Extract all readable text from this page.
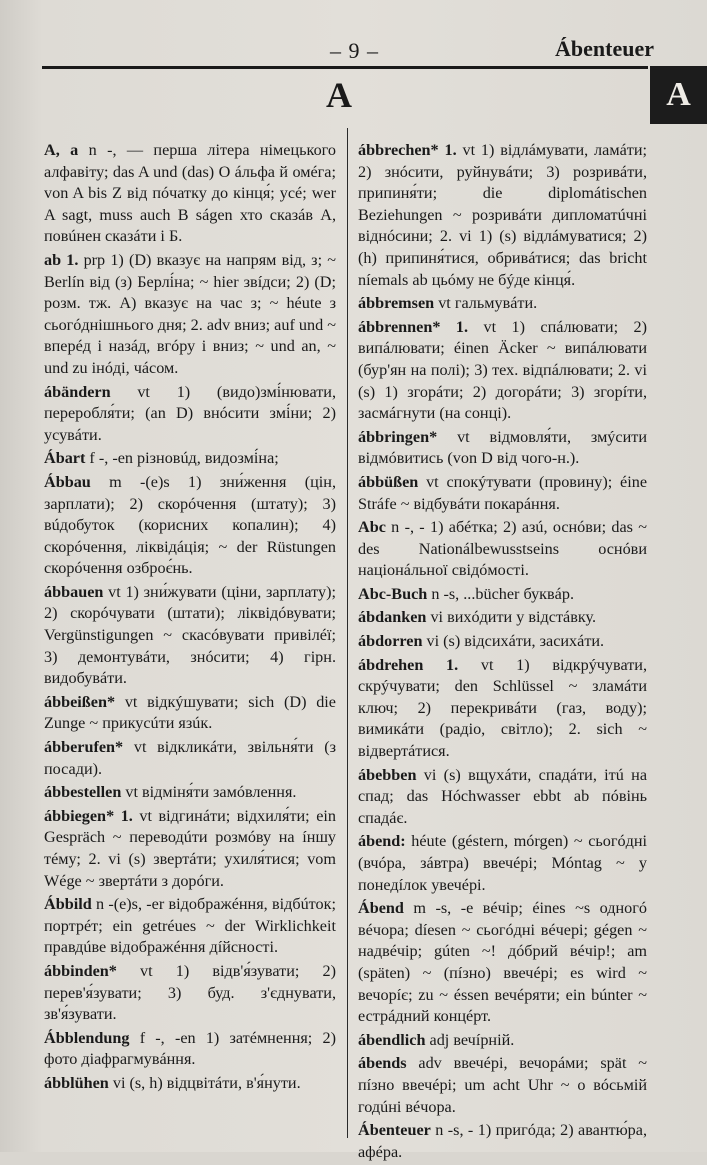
– 9 –	Ábenteuer
A
A

A, a n -, — перша літера німецького алфавіту; das A und (das) O áльфа й омéга; von A bis Z від пóчатку до кінця́; усé; wer A sagt, muss auch B ságen хто сказáв А, повúнен сказáти і Б.

ab 1. prp 1) (D) вказує на напрям від, з; ~ Berlín від (з) Берлі́на; ~ hier звíдси; 2) (D; розм. тж. A) вказує на час з; ~ héute з сьогóднішнього дня; 2. adv вниз; auf und ~ вперéд і назáд, вгóру і вниз; ~ und an, ~ und zu інóді, чáсом.

ábändern vt 1) (видо)змі́нювати, переробля́ти; (an D) внóсити змі́ни; 2) усувáти.

Ábart f -, -en різновúд, видозмі́на;

Ábbau m -(e)s 1) зни́ження (цін, зарплати); 2) скорóчення (штату); 3) вúдобуток (корисних копалин); 4) скорóчення, ліквідáція; ~ der Rüstungen скорóчення озброє́нь.

ábbauen vt 1) зни́жувати (ціни, зарплату); 2) скорóчувати (штати); ліквідóвувати; Vergünstigungen ~ скасóвувати привілéї; 3) демонтувáти, знóсити; 4) гірн. видобувáти.

ábbeißen* vt відкýшувати; sich (D) die Zunge ~ прикусúти язúк.

ábberufen* vt відкликáти, звільня́ти (з посади).

ábbestellen vt відміня́ти замóвлення.

ábbiegen* 1. vt відгинáти; відхиля́ти; ein Gespräch ~ переводúти розмóву на íншу тéму; 2. vi (s) звертáти; ухиля́тися; vom Wége ~ звертáти з дорóги.

Ábbild n -(e)s, -er відображéння, відбúток; портрéт; ein getréues ~ der Wirklichkeit правдúве відображéння дíйсності.

ábbinden* vt 1) відв'я́зувати; 2) перев'я́зувати; 3) буд. з'єднувати, зв'я́зувати.

Ábblendung f -, -en 1) затéмнення; 2) фото діафрагмувáння.

ábblühen vi (s, h) відцвітáти, в'я́нути.

ábbrechen* 1. vt 1) відлáмувати, ламáти; 2) знóсити, руйнувáти; 3) розривáти, припиня́ти; die diplomátischen Beziehungen ~ розривáти дипломатúчні віднóсини; 2. vi 1) (s) відлáмуватися; 2) (h) припиня́тися, обривáтися; das bricht níemals ab цьóму не бýде кінця́.

ábbremsen vt гальмувáти.

ábbrennen* 1. vt 1) спáлювати; 2) випáлювати; éinen Äcker ~ випáлювати (бур'ян на полі); 3) тех. відпáлювати; 2. vi (s) 1) згорáти; 2) догорáти; 3) згорíти, засмáгнути (на сонці).

ábbringen* vt відмовля́ти, змýсити відмóвитись (von D від чого-н.).

ábbüßen vt спокýтувати (провину); éine Stráfe ~ відбувáти покарáння.

Abc n -, - 1) абéтка; 2) азú, оснóви; das ~ des Nationálbewusstseins оснóви націонáльної свідóмості.

Abc-Buch n -s, ...bücher буквáр.

ábdanken vi вихóдити у відстáвку.

ábdorren vi (s) відсихáти, засихáти.

ábdrehen 1. vt 1) відкрýчувати, скрýчувати; den Schlüssel ~ зламáти ключ; 2) перекривáти (газ, воду); вимикáти (радіо, світло); 2. sich ~ відвертáтися.

ábebben vi (s) вщухáти, спадáти, ітú на спад; das Hóchwasser ebbt ab пóвінь спадáє.

ábend: héute (géstern, mórgen) ~ сьогóдні (вчóра, зáвтра) ввечéрі; Móntag ~ у понедíлок увечéрі.

Ábend m -s, -e вéчір; éines ~s одногó вéчора; díesen ~ сьогóдні вéчері; gégen ~ надвéчір; gúten ~! дóбрий вéчір!; am (späten) ~ (пíзно) ввечéрі; es wird ~ вечорíє; zu ~ éssen вечéряти; ein búnter ~ естрáдний концéрт.

ábendlich adj вечíрній.

ábends adv ввечéрі, вечорáми; spät ~ пíзно ввечéрі; um acht Uhr ~ о вóсьмій годúні вéчора.

Ábenteuer n -s, - 1) пригóда; 2) авантю́ра, афéра.
